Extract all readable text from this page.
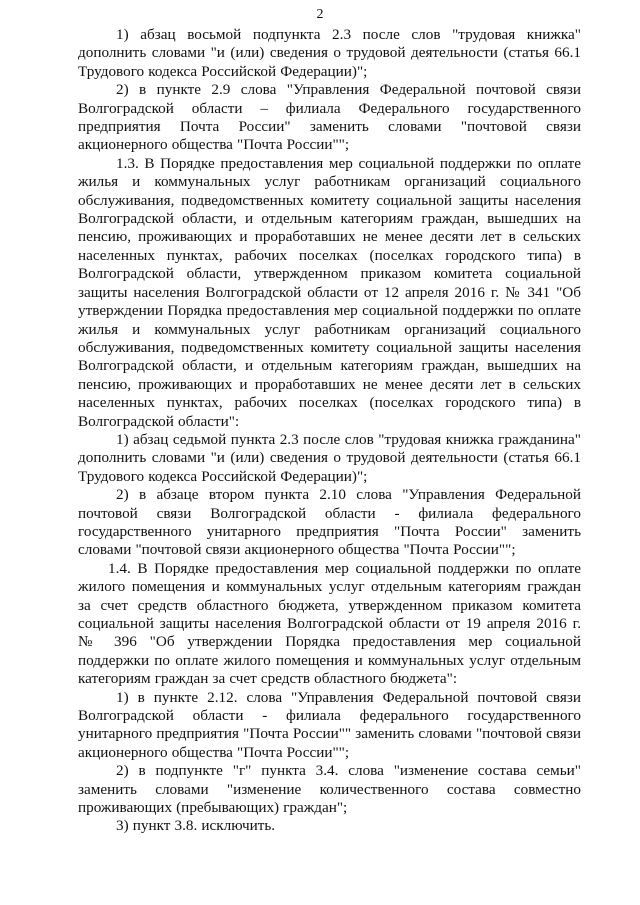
2

1) абзац восьмой подпункта 2.3 после слов "трудовая книжка" дополнить словами "и (или) сведения о трудовой деятельности (статья 66.1 Трудового кодекса Российской Федерации)";

2) в пункте 2.9 слова "Управления Федеральной почтовой связи Волгоградской области – филиала Федерального государственного предприятия Почта России" заменить словами "почтовой связи акционерного общества "Почта России"";

1.3. В Порядке предоставления мер социальной поддержки по оплате жилья и коммунальных услуг работникам организаций социального обслуживания, подведомственных комитету социальной защиты населения Волгоградской области, и отдельным категориям граждан, вышедших на пенсию, проживающих и проработавших не менее десяти лет в сельских населенных пунктах, рабочих поселках (поселках городского типа) в Волгоградской области, утвержденном приказом комитета социальной защиты населения Волгоградской области от 12 апреля 2016 г. № 341 "Об утверждении Порядка предоставления мер социальной поддержки по оплате жилья и коммунальных услуг работникам организаций социального обслуживания, подведомственных комитету социальной защиты населения Волгоградской области, и отдельным категориям граждан, вышедших на пенсию, проживающих и проработавших не менее десяти лет в сельских населенных пунктах, рабочих поселках (поселках городского типа) в Волгоградской области":

1) абзац седьмой пункта 2.3 после слов "трудовая книжка гражданина" дополнить словами "и (или) сведения о трудовой деятельности (статья 66.1 Трудового кодекса Российской Федерации)";

2) в абзаце втором пункта 2.10 слова "Управления Федеральной почтовой связи Волгоградской области - филиала федерального государственного унитарного предприятия "Почта России" заменить словами "почтовой связи акционерного общества "Почта России"";

1.4. В Порядке предоставления мер социальной поддержки по оплате жилого помещения и коммунальных услуг отдельным категориям граждан за счет средств областного бюджета, утвержденном приказом комитета социальной защиты населения Волгоградской области от 19 апреля 2016 г. № 396 "Об утверждении Порядка предоставления мер социальной поддержки по оплате жилого помещения и коммунальных услуг отдельным категориям граждан за счет средств областного бюджета":

1) в пункте 2.12. слова "Управления Федеральной почтовой связи Волгоградской области - филиала федерального государственного унитарного предприятия "Почта России"" заменить словами "почтовой связи акционерного общества "Почта России"";

2) в подпункте "г" пункта 3.4. слова "изменение состава семьи" заменить словами "изменение количественного состава совместно проживающих (пребывающих) граждан";

3) пункт 3.8. исключить.
